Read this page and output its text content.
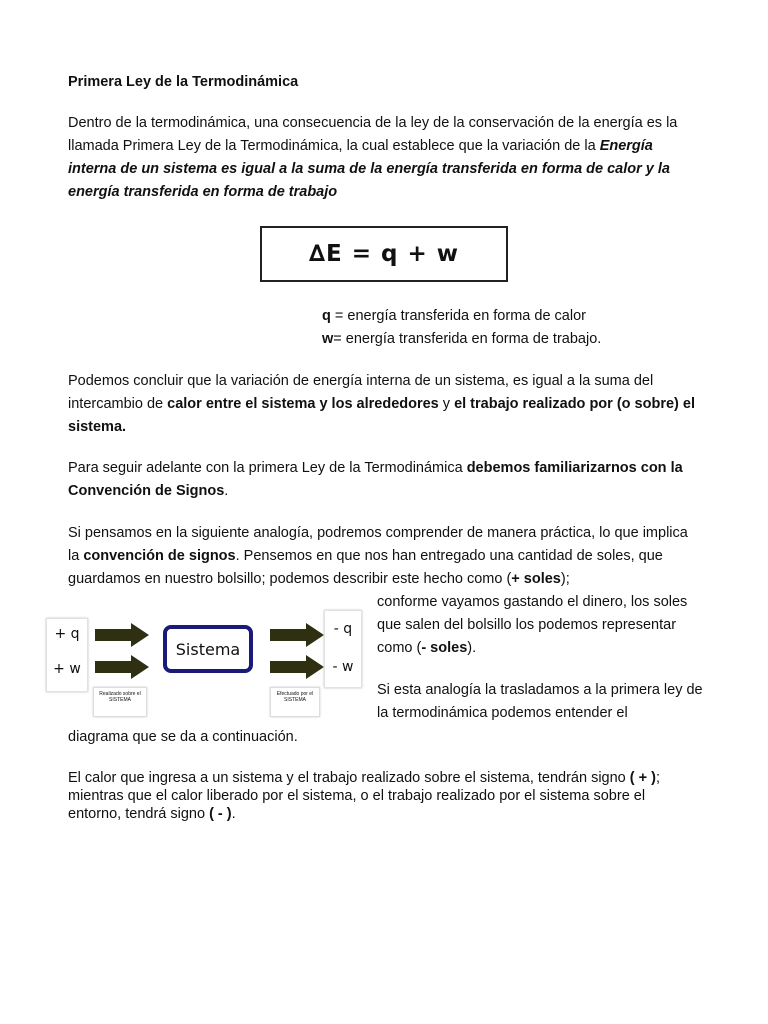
Primera Ley de la Termodinámica
Dentro de la termodinámica, una consecuencia de la ley de la conservación de la energía es la llamada Primera Ley de la Termodinámica, la cual establece que la variación de la Energía interna de un sistema es igual a la suma de la energía transferida en forma de calor y la energía transferida en forma de trabajo
∆E = q + w
q = energía transferida en forma de calor
w= energía transferida en forma de trabajo.
Podemos concluir que la variación de energía interna de un sistema, es igual a la suma del intercambio de calor entre el sistema y los alrededores y el trabajo realizado por (o sobre) el sistema.
Para seguir adelante con la primera Ley de la Termodinámica debemos familiarizarnos con la Convención de Signos.
Si pensamos en la siguiente analogía, podremos comprender de manera práctica, lo que implica la convención de signos. Pensemos en que nos han entregado una cantidad de soles, que guardamos en nuestro bolsillo; podemos describir este hecho como (+ soles);
conforme vayamos gastando el dinero, los soles que salen del bolsillo los podemos representar como (- soles).
Si esta analogía la trasladamos a la primera ley de la termodinámica podemos entender el
diagrama que se da a continuación.
El calor que ingresa a un sistema y el trabajo realizado sobre el sistema, tendrán signo ( + ); mientras que el calor liberado por el sistema, o el trabajo realizado por el sistema sobre el entorno, tendrá signo ( - ).
+ q
+ w
Sistema
- q
- w
Realizado sobre el SISTEMA
Efectuado por el SISTEMA
